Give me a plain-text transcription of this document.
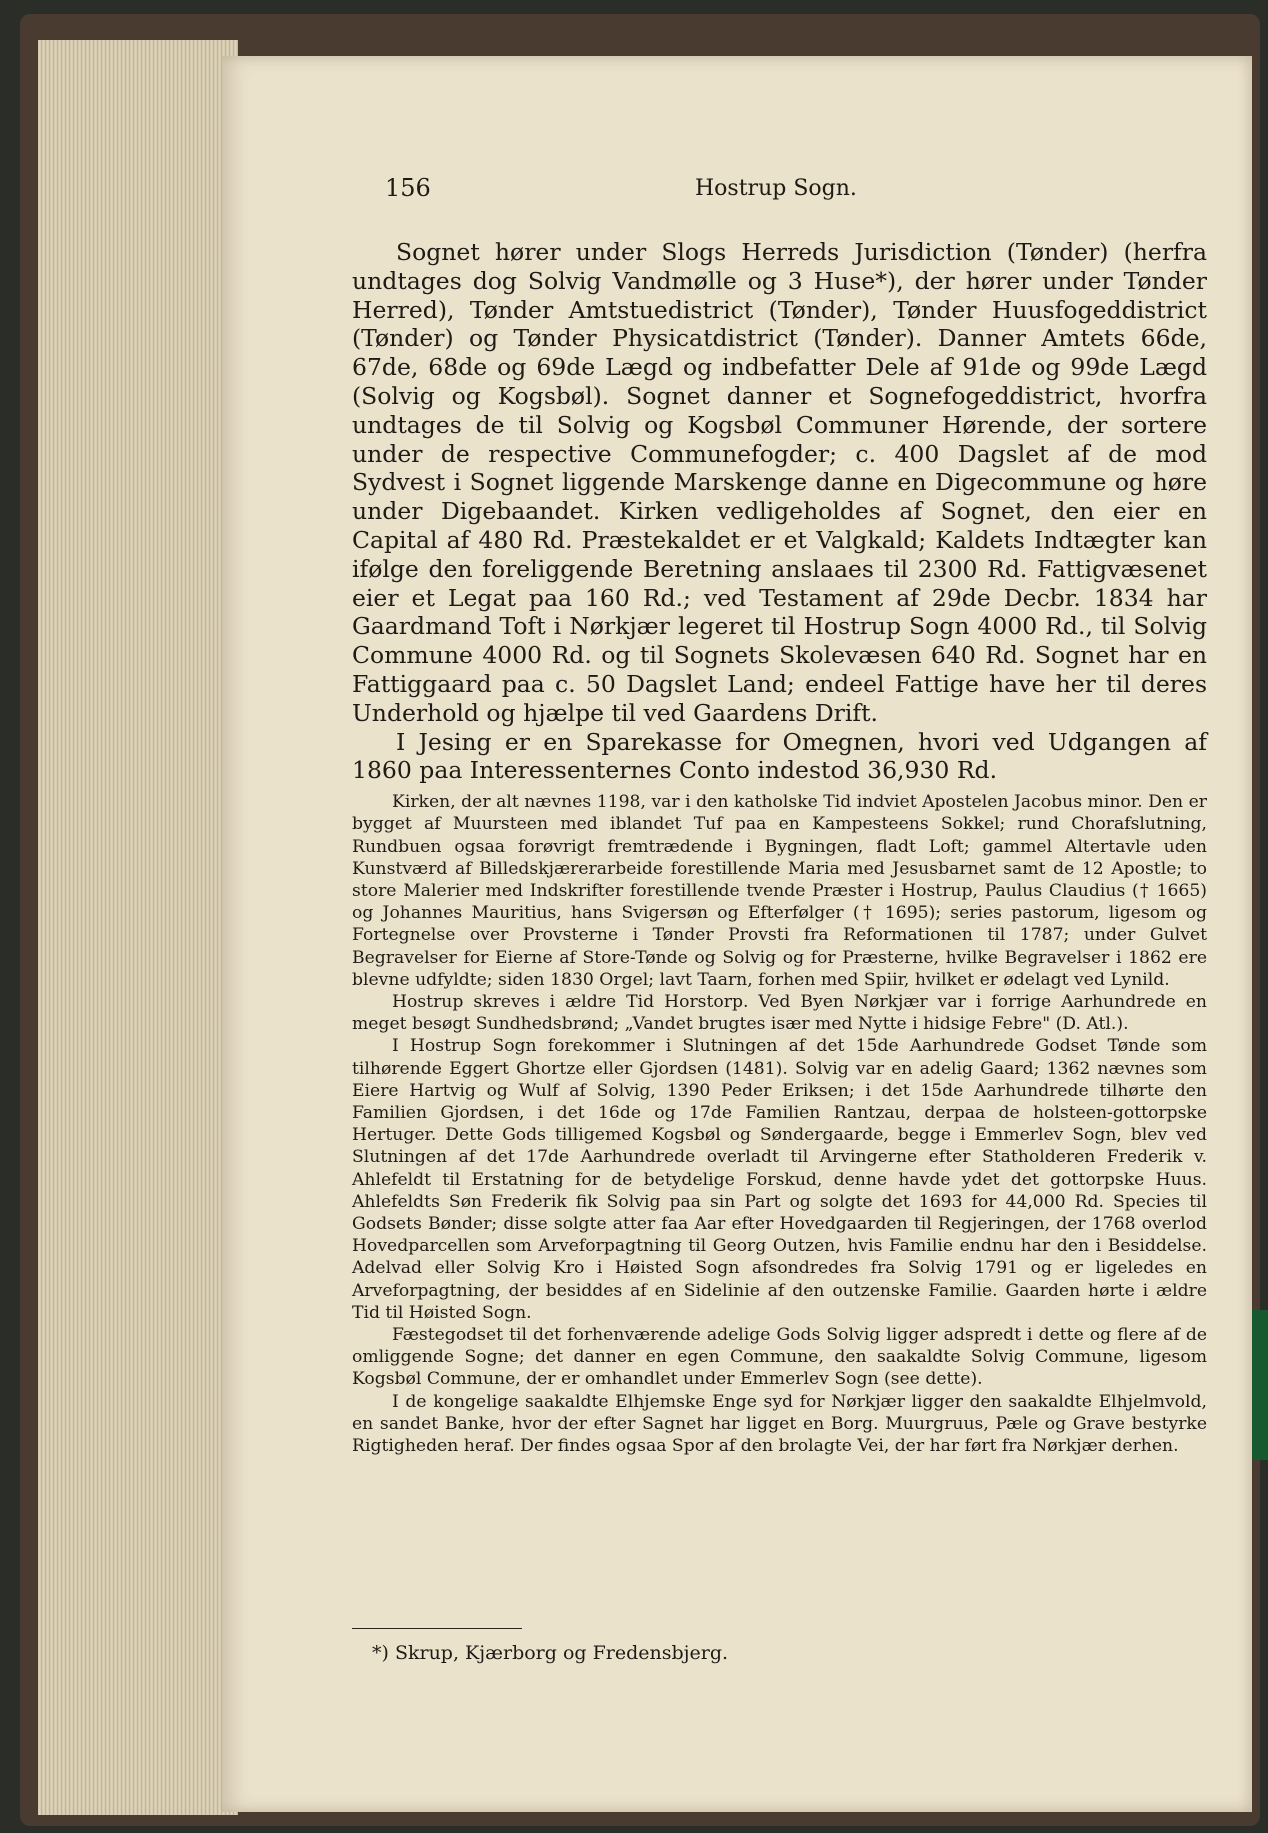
156	Hostrup Sogn.

Sognet hører under Slogs Herreds Jurisdiction (Tønder) (herfra undtages dog Solvig Vandmølle og 3 Huse*), der hører under Tønder Herred), Tønder Amtstuedistrict (Tønder), Tønder Huusfogeddistrict (Tønder) og Tønder Physicatdistrict (Tønder). Danner Amtets 66de, 67de, 68de og 69de Lægd og indbefatter Dele af 91de og 99de Lægd (Solvig og Kogsbøl). Sognet danner et Sognefogeddistrict, hvorfra undtages de til Solvig og Kogsbøl Communer Hørende, der sortere under de respective Communefogder; c. 400 Dagslet af de mod Sydvest i Sognet liggende Marskenge danne en Digecommune og høre under Digebaandet. Kirken vedligeholdes af Sognet, den eier en Capital af 480 Rd. Præstekaldet er et Valgkald; Kaldets Indtægter kan ifølge den foreliggende Beretning anslaaes til 2300 Rd. Fattigvæsenet eier et Legat paa 160 Rd.; ved Testament af 29de Decbr. 1834 har Gaardmand Toft i Nørkjær legeret til Hostrup Sogn 4000 Rd., til Solvig Commune 4000 Rd. og til Sognets Skolevæsen 640 Rd. Sognet har en Fattiggaard paa c. 50 Dagslet Land; endeel Fattige have her til deres Underhold og hjælpe til ved Gaardens Drift.

I Jesing er en Sparekasse for Omegnen, hvori ved Udgangen af 1860 paa Interessenternes Conto indestod 36,930 Rd.

Kirken, der alt nævnes 1198, var i den katholske Tid indviet Apostelen Jacobus minor. Den er bygget af Muursteen med iblandet Tuf paa en Kampesteens Sokkel; rund Chorafslutning, Rundbuen ogsaa forøvrigt fremtrædende i Bygningen, fladt Loft; gammel Altertavle uden Kunstværd af Billedskjærerarbeide forestillende Maria med Jesusbarnet samt de 12 Apostle; to store Malerier med Indskrifter forestillende tvende Præster i Hostrup, Paulus Claudius († 1665) og Johannes Mauritius, hans Svigersøn og Efterfølger († 1695); series pastorum, ligesom og Fortegnelse over Provsterne i Tønder Provsti fra Reformationen til 1787; under Gulvet Begravelser for Eierne af Store-Tønde og Solvig og for Præsterne, hvilke Begravelser i 1862 ere blevne udfyldte; siden 1830 Orgel; lavt Taarn, forhen med Spiir, hvilket er ødelagt ved Lynild.

Hostrup skreves i ældre Tid Horstorp. Ved Byen Nørkjær var i forrige Aarhundrede en meget besøgt Sundhedsbrønd; „Vandet brugtes især med Nytte i hidsige Febre" (D. Atl.).

I Hostrup Sogn forekommer i Slutningen af det 15de Aarhundrede Godset Tønde som tilhørende Eggert Ghortze eller Gjordsen (1481). Solvig var en adelig Gaard; 1362 nævnes som Eiere Hartvig og Wulf af Solvig, 1390 Peder Eriksen; i det 15de Aarhundrede tilhørte den Familien Gjordsen, i det 16de og 17de Familien Rantzau, derpaa de holsteen-gottorpske Hertuger. Dette Gods tilligemed Kogsbøl og Søndergaarde, begge i Emmerlev Sogn, blev ved Slutningen af det 17de Aarhundrede overladt til Arvingerne efter Statholderen Frederik v. Ahlefeldt til Erstatning for de betydelige Forskud, denne havde ydet det gottorpske Huus. Ahlefeldts Søn Frederik fik Solvig paa sin Part og solgte det 1693 for 44,000 Rd. Species til Godsets Bønder; disse solgte atter faa Aar efter Hovedgaarden til Regjeringen, der 1768 overlod Hovedparcellen som Arveforpagtning til Georg Outzen, hvis Familie endnu har den i Besiddelse. Adelvad eller Solvig Kro i Høisted Sogn afsondredes fra Solvig 1791 og er ligeledes en Arveforpagtning, der besiddes af en Sidelinie af den outzenske Familie. Gaarden hørte i ældre Tid til Høisted Sogn.

Fæstegodset til det forhenværende adelige Gods Solvig ligger adspredt i dette og flere af de omliggende Sogne; det danner en egen Commune, den saakaldte Solvig Commune, ligesom Kogsbøl Commune, der er omhandlet under Emmerlev Sogn (see dette).

I de kongelige saakaldte Elhjemske Enge syd for Nørkjær ligger den saakaldte Elhjelmvold, en sandet Banke, hvor der efter Sagnet har ligget en Borg. Muurgruus, Pæle og Grave bestyrke Rigtigheden heraf. Der findes ogsaa Spor af den brolagte Vei, der har ført fra Nørkjær derhen.

*) Skrup, Kjærborg og Fredensbjerg.
